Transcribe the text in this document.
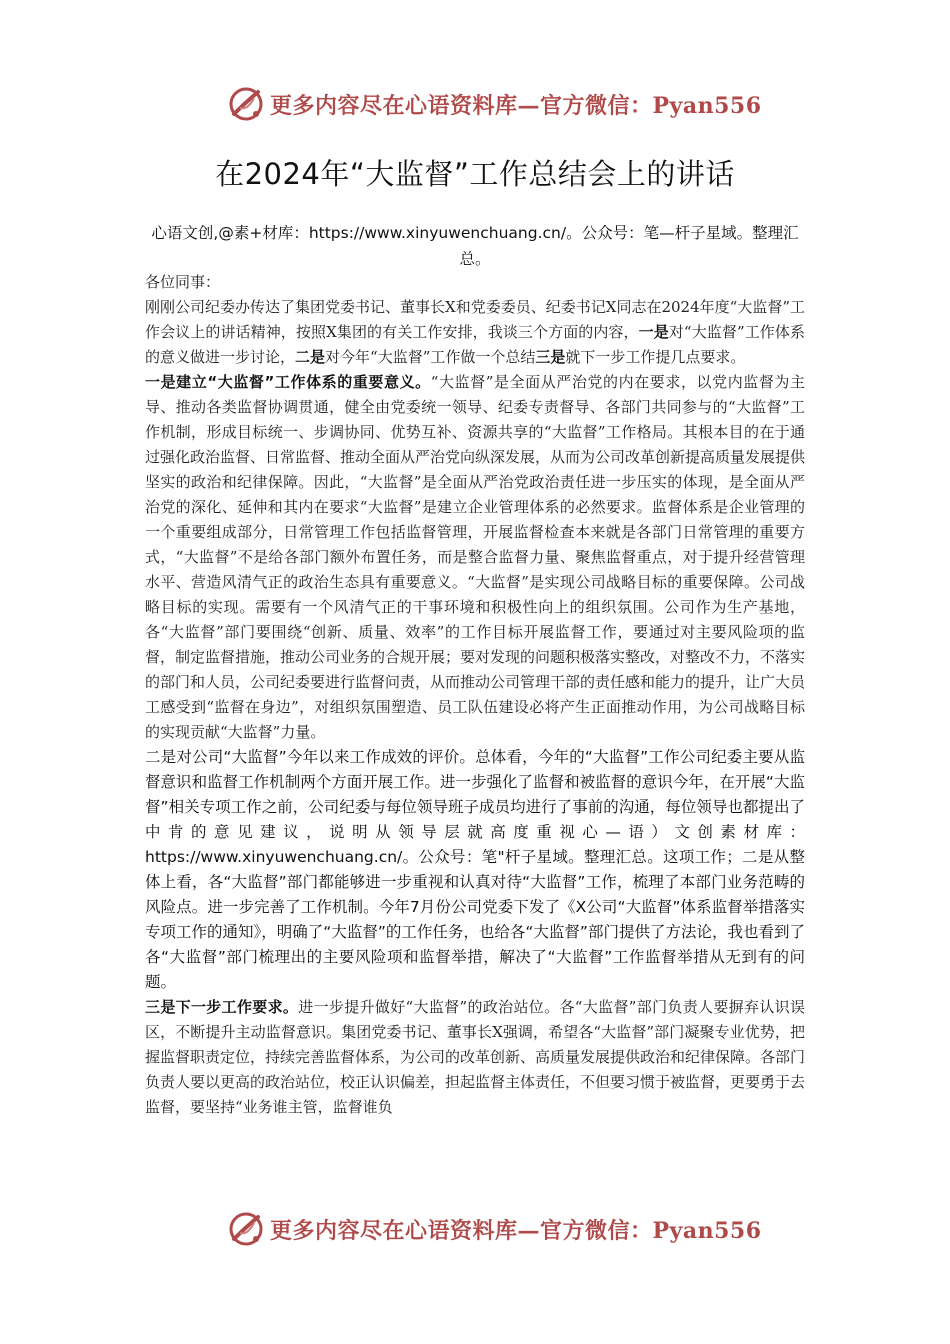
更多内容尽在心语资料库—官方微信：Pyan556
在2024年“大监督”工作总结会上的讲话
心语文创,@素+材库：https://www.xinyuwenchuang.cn/。公众号：笔—杆子星域。整理汇总。

各位同事：

刚刚公司纪委办传达了集团党委书记、董事长X和党委委员、纪委书记X同志在2024年度“大监督”工作会议上的讲话精神，按照X集团的有关工作安排，我谈三个方面的内容，一是对“大监督”工作体系的意义做进一步讨论，二是对今年“大监督”工作做一个总结三是就下一步工作提几点要求。

一是建立“大监督”工作体系的重要意义。“大监督”是全面从严治党的内在要求，以党内监督为主导、推动各类监督协调贯通，健全由党委统一领导、纪委专责督导、各部门共同参与的“大监督”工作机制，形成目标统一、步调协同、优势互补、资源共享的“大监督”工作格局。其根本目的在于通过强化政治监督、日常监督、推动全面从严治党向纵深发展，从而为公司改革创新提高质量发展提供坚实的政治和纪律保障。因此，“大监督”是全面从严治党政治责任进一步压实的体现，是全面从严治党的深化、延伸和其内在要求“大监督”是建立企业管理体系的必然要求。监督体系是企业管理的一个重要组成部分，日常管理工作包括监督管理，开展监督检查本来就是各部门日常管理的重要方式，“大监督”不是给各部门额外布置任务，而是整合监督力量、聚焦监督重点，对于提升经营管理水平、营造风清气正的政治生态具有重要意义。“大监督”是实现公司战略目标的重要保障。公司战略目标的实现。需要有一个风清气正的干事环境和积极性向上的组织氛围。公司作为生产基地，各“大监督”部门要围绕“创新、质量、效率”的工作目标开展监督工作，要通过对主要风险项的监督，制定监督措施，推动公司业务的合规开展；要对发现的问题积极落实整改，对整改不力，不落实的部门和人员，公司纪委要进行监督问责，从而推动公司管理干部的责任感和能力的提升，让广大员工感受到“监督在身边”，对组织氛围塑造、员工队伍建设必将产生正面推动作用，为公司战略目标的实现贡献“大监督”力量。

二是对公司“大监督”今年以来工作成效的评价。总体看，今年的“大监督”工作公司纪委主要从监督意识和监督工作机制两个方面开展工作。进一步强化了监督和被监督的意识今年，在开展“大监督”相关专项工作之前，公司纪委与每位领导班子成员均进行了事前的沟通，每位领导也都提出了中肯的意见建议，说明从领导层就高度重视心—语）文创素材库：https://www.xinyuwenchuang.cn/。公众号：笔"杆子星域。整理汇总。这项工作；二是从整体上看，各“大监督”部门都能够进一步重视和认真对待“大监督”工作，梳理了本部门业务范畴的风险点。进一步完善了工作机制。今年7月份公司党委下发了《X公司“大监督”体系监督举措落实专项工作的通知》，明确了“大监督”的工作任务，也给各“大监督”部门提供了方法论，我也看到了各“大监督”部门梳理出的主要风险项和监督举措，解决了“大监督”工作监督举措从无到有的问题。

三是下一步工作要求。进一步提升做好“大监督”的政治站位。各“大监督”部门负责人要摒弃认识误区，不断提升主动监督意识。集团党委书记、董事长X强调，希望各“大监督”部门凝聚专业优势，把握监督职责定位，持续完善监督体系，为公司的改革创新、高质量发展提供政治和纪律保障。各部门负责人要以更高的政治站位，校正认识偏差，担起监督主体责任，不但要习惯于被监督，更要勇于去监督，要坚持“业务谁主管，监督谁负

更多内容尽在心语资料库—官方微信：Pyan556
